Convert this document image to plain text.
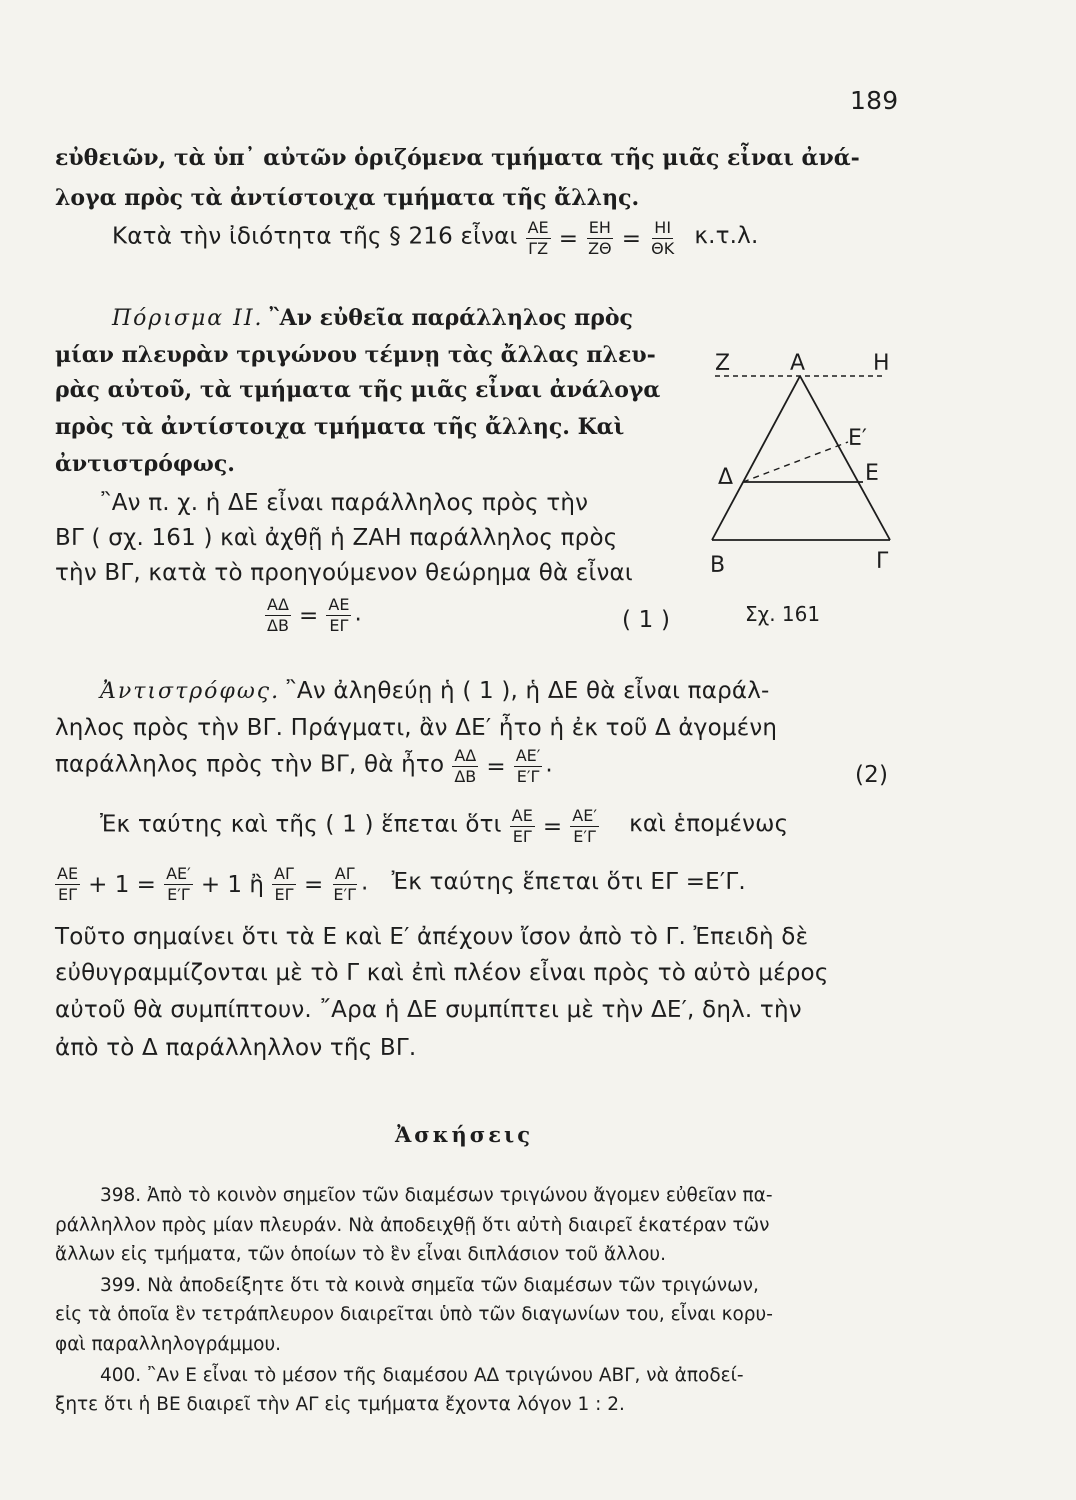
189
εὐθειῶν, τὰ ὑπ᾽ αὐτῶν ὁριζόμενα τμήματα τῆς μιᾶς εἶναι ἀνά-
λογα πρὸς τὰ ἀντίστοιχα τμήματα τῆς ἄλλης.
Κατὰ τὴν ἰδιότητα τῆς § 216 εἶναι $\frac{AE}{\Gamma Z} = \frac{EH}{Z\Theta} = \frac{HI}{\Theta K} \kappa.\tau.\lambda$.
Πόρισμα II. ῍Αν εὐθεῖα παράλληλος πρὸς
μίαν πλευρὰν τριγώνου τέμνῃ τὰς ἄλλας πλευ-
ρὰς αὐτοῦ, τὰ τμήματα τῆς μιᾶς εἶναι ἀνάλογα
πρὸς τὰ ἀντίστοιχα τμήματα τῆς ἄλλης. Καὶ
ἀντιστρόφως.
῍Αν π. χ. ἡ ΔΕ εἶναι παράλληλος πρὸς τὴν
ΒΓ ( σχ. 161 ) καὶ ἀχθῇ ἡ ΖΑΗ παράλληλος πρὸς
τὴν ΒΓ, κατὰ τὸ προηγούμενον θεώρημα θὰ εἶναι
$\frac{A\Delta}{\Delta B} = \frac{AE}{E\Gamma}$ .	( 1 )
Ζ	Α	Η
Ε′
Δ	Ε
Β	Γ
Σχ. 161
Ἀντιστρόφως. ῍Αν ἀληθεύῃ ἡ ( 1 ), ἡ ΔΕ θὰ εἶναι παράλ-
ληλος πρὸς τὴν ΒΓ. Πράγματι, ἂν ΔΕ′ ἦτο ἡ ἐκ τοῦ Δ ἀγομένη
παράλληλος πρὸς τὴν ΒΓ, θὰ ἦτο $\frac{A\Delta}{\Delta B} = \frac{AE'}{E'\Gamma}$ .	(2)
Ἐκ ταύτης καὶ τῆς ( 1 ) ἕπεται ὅτι $\frac{AE}{E\Gamma} = \frac{AE'}{E'\Gamma}$ καὶ ἑπομένως
$\frac{AE}{E\Gamma} + 1 = \frac{AE'}{E'\Gamma} + 1$ ἢ $\frac{A\Gamma}{E\Gamma} = \frac{A\Gamma}{E'\Gamma}$ . Ἐκ ταύτης ἕπεται ὅτι ΕΓ =Ε′Γ.
Τοῦτο σημαίνει ὅτι τὰ Ε καὶ Ε′ ἀπέχουν ἴσον ἀπὸ τὸ Γ. Ἐπειδὴ δὲ
εὐθυγραμμίζονται μὲ τὸ Γ καὶ ἐπὶ πλέον εἶναι πρὸς τὸ αὐτὸ μέρος
αὐτοῦ θὰ συμπίπτουν. ῎Αρα ἡ ΔΕ συμπίπτει μὲ τὴν ΔΕ′, δηλ. τὴν
ἀπὸ τὸ Δ παράλληλλον τῆς ΒΓ.
Ἀσκήσεις
398. Ἀπὸ τὸ κοινὸν σημεῖον τῶν διαμέσων τριγώνου ἄγομεν εὐθεῖαν πα-
ράλληλλον πρὸς μίαν πλευράν. Νὰ ἀποδειχθῇ ὅτι αὐτὴ διαιρεῖ ἑκατέραν τῶν
ἄλλων εἰς τμήματα, τῶν ὁποίων τὸ ἓν εἶναι διπλάσιον τοῦ ἄλλου.
399. Νὰ ἀποδείξητε ὅτι τὰ κοινὰ σημεῖα τῶν διαμέσων τῶν τριγώνων,
εἰς τὰ ὁποῖα ἓν τετράπλευρον διαιρεῖται ὑπὸ τῶν διαγωνίων του, εἶναι κορυ-
φαὶ παραλληλογράμμου.
400. ῍Αν Ε εἶναι τὸ μέσον τῆς διαμέσου ΑΔ τριγώνου ΑΒΓ, νὰ ἀποδεί-
ξητε ὅτι ἡ ΒΕ διαιρεῖ τὴν ΑΓ εἰς τμήματα ἔχοντα λόγον 1 : 2.
